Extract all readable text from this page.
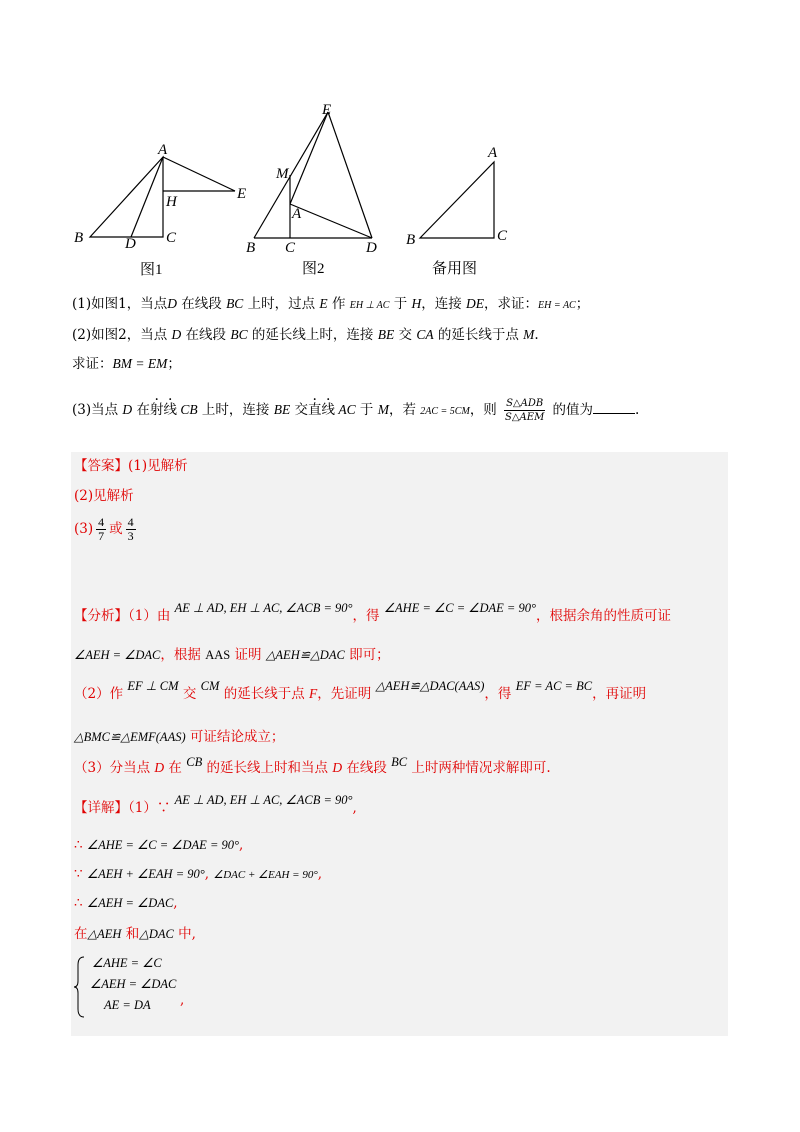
A
B	C
D
E
H
图1
E
M
A
B C	D
图2
A
B	C
备用图
(1)如图1，当点D 在线段 BC 上时，过点 E 作 EH ⊥ AC 于 H，连接 DE，求证：EH = AC；
(2)如图2，当点 D 在线段 BC 的延长线上时，连接 BE 交 CA 的延长线于点 M.
求证：BM = EM；
(3)当点 D 在射线 CB 上时，连接 BE 交直线 AC 于 M，若 2AC = 5CM，则 $\frac{\text{S△ADB}}{\text{S△AEM}}$ 的值为	.
【答案】(1)见解析
(2)见解析
$(3) \frac{4}{7}$ 或 $\frac{4}{3}$
【分析】（1）由 AE ⊥ AD, EH ⊥ AC, ∠ACB = 90°，得 ∠AHE = ∠C = ∠DAE = 90°，根据余角的性质可证
∠AEH = ∠DAC，根据 AAS 证明 △AEH≌△DAC 即可；
（2）作 EF ⊥ CM 交 CM 的延长线于点 F，先证明 △AEH≌△DAC(AAS)，得 EF = AC = BC，再证明
△BMC≌△EMF(AAS) 可证结论成立；
（3）分当点 D 在 CB 的延长线上时和当点 D 在线段 BC 上时两种情况求解即可.
【详解】（1）∵ AE ⊥ AD, EH ⊥ AC, ∠ACB = 90°,
∴ ∠AHE = ∠C = ∠DAE = 90°,
∵ ∠AEH + ∠EAH = 90°, ∠DAC + ∠EAH = 90°,
∴ ∠AEH = ∠DAC,
在△AEH 和△DAC 中,
∠AHE = ∠C
∠AEH = ∠DAC
AE = DA	,
